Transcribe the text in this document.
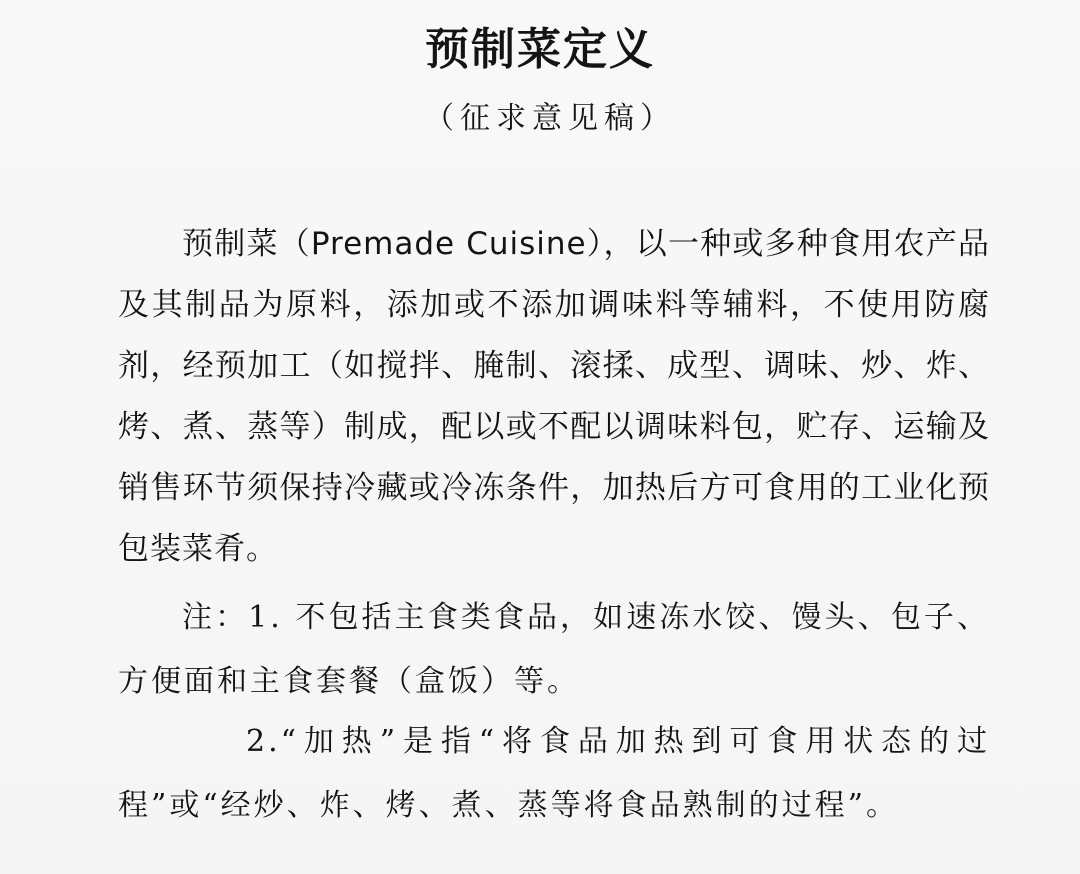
预制菜定义

（征求意见稿）

预制菜（Premade Cuisine），以一种或多种食用农产品及其制品为原料，添加或不添加调味料等辅料，不使用防腐剂，经预加工（如搅拌、腌制、滚揉、成型、调味、炒、炸、烤、煮、蒸等）制成，配以或不配以调味料包，贮存、运输及销售环节须保持冷藏或冷冻条件，加热后方可食用的工业化预包装菜肴。

注：1. 不包括主食类食品，如速冻水饺、馒头、包子、方便面和主食套餐（盒饭）等。

2.“加热”是指“将食品加热到可食用状态的过程”或“经炒、炸、烤、煮、蒸等将食品熟制的过程”。
